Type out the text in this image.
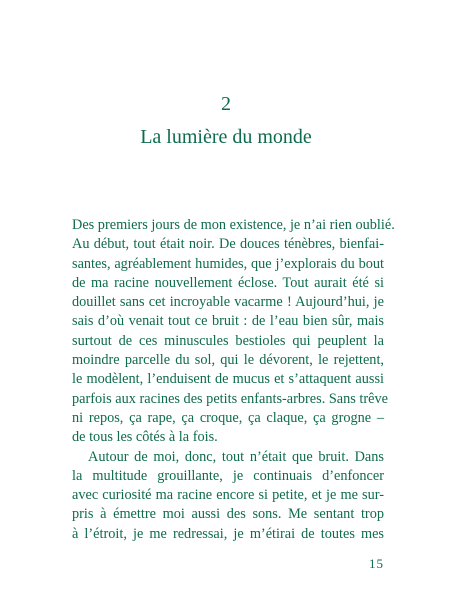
2
La lumière du monde
Des premiers jours de mon existence, je n’ai rien oublié.
Au début, tout était noir. De douces ténèbres, bienfai-
santes, agréablement humides, que j’explorais du bout
de ma racine nouvellement éclose. Tout aurait été si
douillet sans cet incroyable vacarme ! Aujourd’hui, je
sais d’où venait tout ce bruit : de l’eau bien sûr, mais
surtout de ces minuscules bestioles qui peuplent la
moindre parcelle du sol, qui le dévorent, le rejettent,
le modèlent, l’enduisent de mucus et s’attaquent aussi
parfois aux racines des petits enfants-arbres. Sans trêve
ni repos, ça rape, ça croque, ça claque, ça grogne –
de tous les côtés à la fois.
Autour de moi, donc, tout n’était que bruit. Dans
la multitude grouillante, je continuais d’enfoncer
avec curiosité ma racine encore si petite, et je me sur-
pris à émettre moi aussi des sons. Me sentant trop
à l’étroit, je me redressai, je m’étirai de toutes mes
15
